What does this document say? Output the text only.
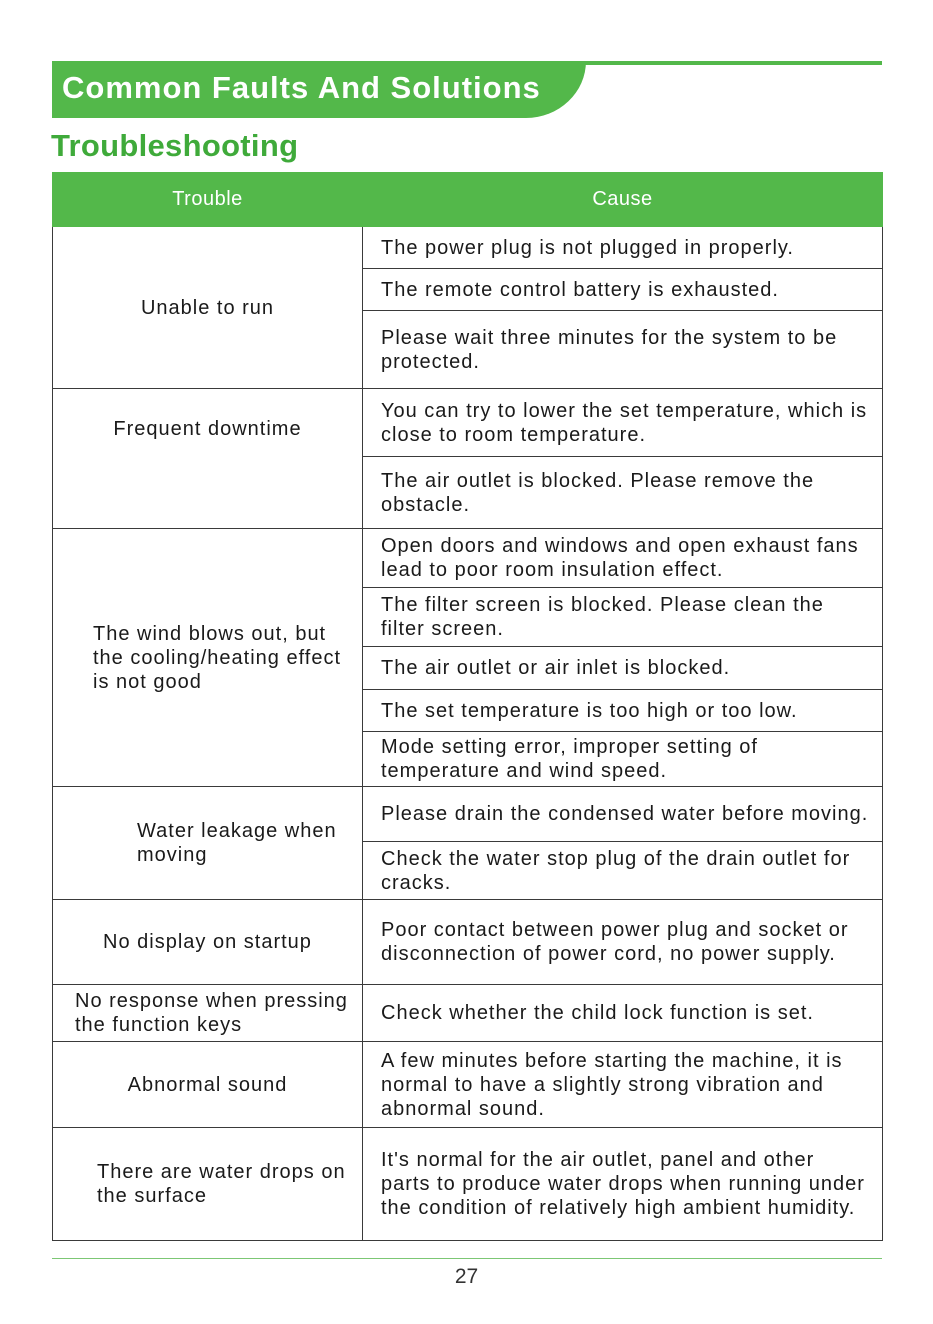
Common Faults And Solutions
Troubleshooting
Trouble	Cause
Unable to run	The power plug is not plugged in properly.
	The remote control battery is exhausted.
	Please wait three minutes for the system to be protected.
Frequent downtime	You can try to lower the set temperature, which is close to room temperature.
	The air outlet is blocked. Please remove the obstacle.
The wind blows out, but the cooling/heating effect is not good	Open doors and windows and open exhaust fans lead to poor room insulation effect.
	The filter screen is blocked. Please clean the filter screen.
	The air outlet or air inlet is blocked.
	The set temperature is too high or too low.
	Mode setting error, improper setting of temperature and wind speed.
Water leakage when moving	Please drain the condensed water before moving.
	Check the water stop plug of the drain outlet for cracks.
No display on startup	Poor contact between power plug and socket or disconnection of power cord, no power supply.
No response when pressing the function keys	Check whether the child lock function is set.
Abnormal sound	A few minutes before starting the machine, it is normal to have a slightly strong vibration and abnormal sound.
There are water drops on the surface	It's normal for the air outlet, panel and other parts to produce water drops when running under the condition of relatively high ambient humidity.
27
